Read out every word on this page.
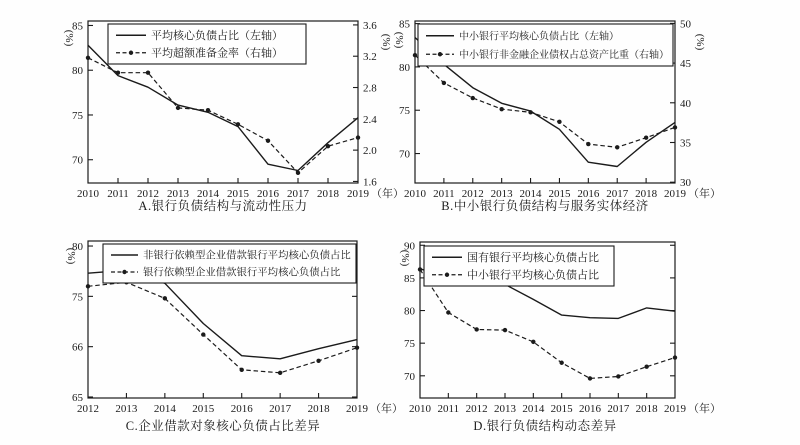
70
75
80
85
1.6
2.0
2.4
2.8
3.2
3.6
2010 2011 2012 2013 2014 2015 2016 2017 2018 2019 （年）
(%)	(%)
平均核心负债占比（左轴）
平均超额准备金率（右轴）
70
75
80
85
30
35
40
45
50
2010 2011 2012 2013 2014 2015 2016 2017 2018 2019 （年）
(%)	(%)
中小银行平均核心负债占比（左轴）
中小银行非金融企业债权占总资产比重（右轴）
65
66
75
80
2012 2013 2014 2015 2016 2017 2018 2019 （年）
(%)	非银行依赖型企业借款银行平均核心负债占比
银行依赖型企业借款银行平均核心负债占比
70
75
80
85
90
2010 2011 2012 2013 2014 2015 2016 2017 2018 2019 （年）
(%)	国有银行平均核心负债占比
中小银行平均核心负债占比
A.银行负债结构与流动性压力	B.中小银行负债结构与服务实体经济
C.企业借款对象核心负债占比差异	D.银行负债结构动态差异
